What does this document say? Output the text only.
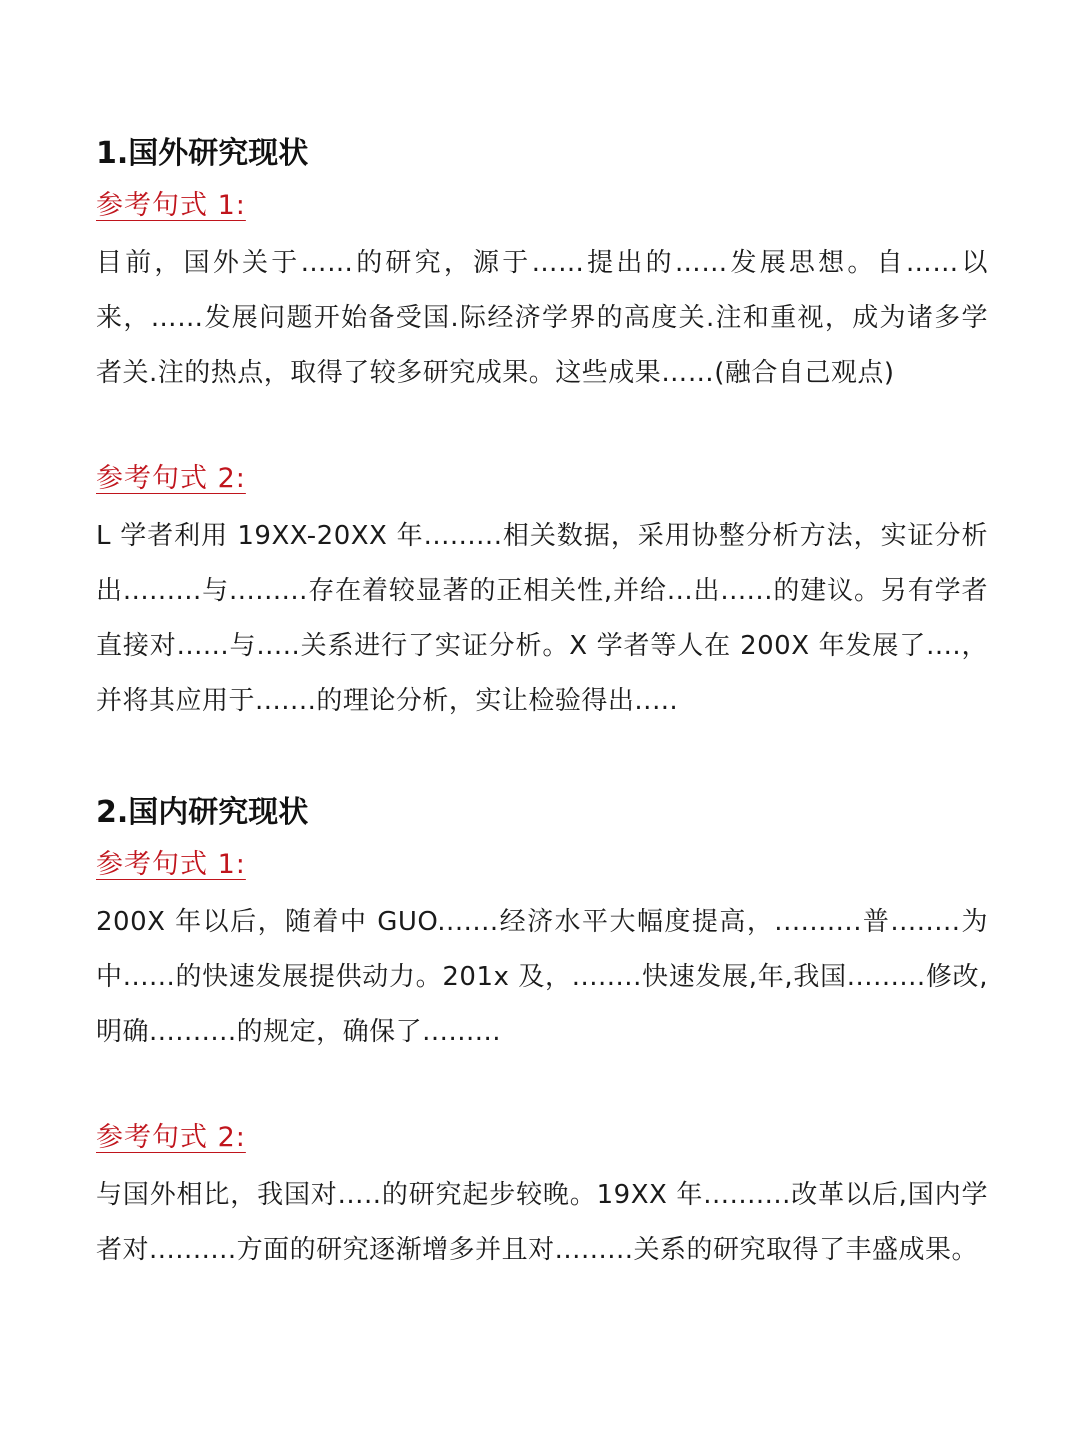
1.国外研究现状
参考句式 1:

目前，国外关于……的研究，源于……提出的……发展思想。自……以来，……发展问题开始备受国.际经济学界的高度关.注和重视，成为诸多学者关.注的热点，取得了较多研究成果。这些成果……(融合自己观点)

参考句式 2:

L 学者利用 19XX-20XX 年.........相关数据，采用协整分析方法，实证分析出.........与.........存在着较显著的正相关性,并给...出......的建议。另有学者直接对......与.....关系进行了实证分析。X 学者等人在 200X 年发展了....，并将其应用于.......的理论分析，实让检验得出..…

2.国内研究现状
参考句式 1:

200X 年以后，随着中 GUO.......经济水平大幅度提高，..........普........为中......的快速发展提供动力。201x 及，........快速发展,年,我国.........修改,明确..........的规定，确保了.........

参考句式 2:

与国外相比，我国对.....的研究起步较晚。19XX 年..........改革以后,国内学者对..........方面的研究逐渐增多并且对.........关系的研究取得了丰盛成果。
